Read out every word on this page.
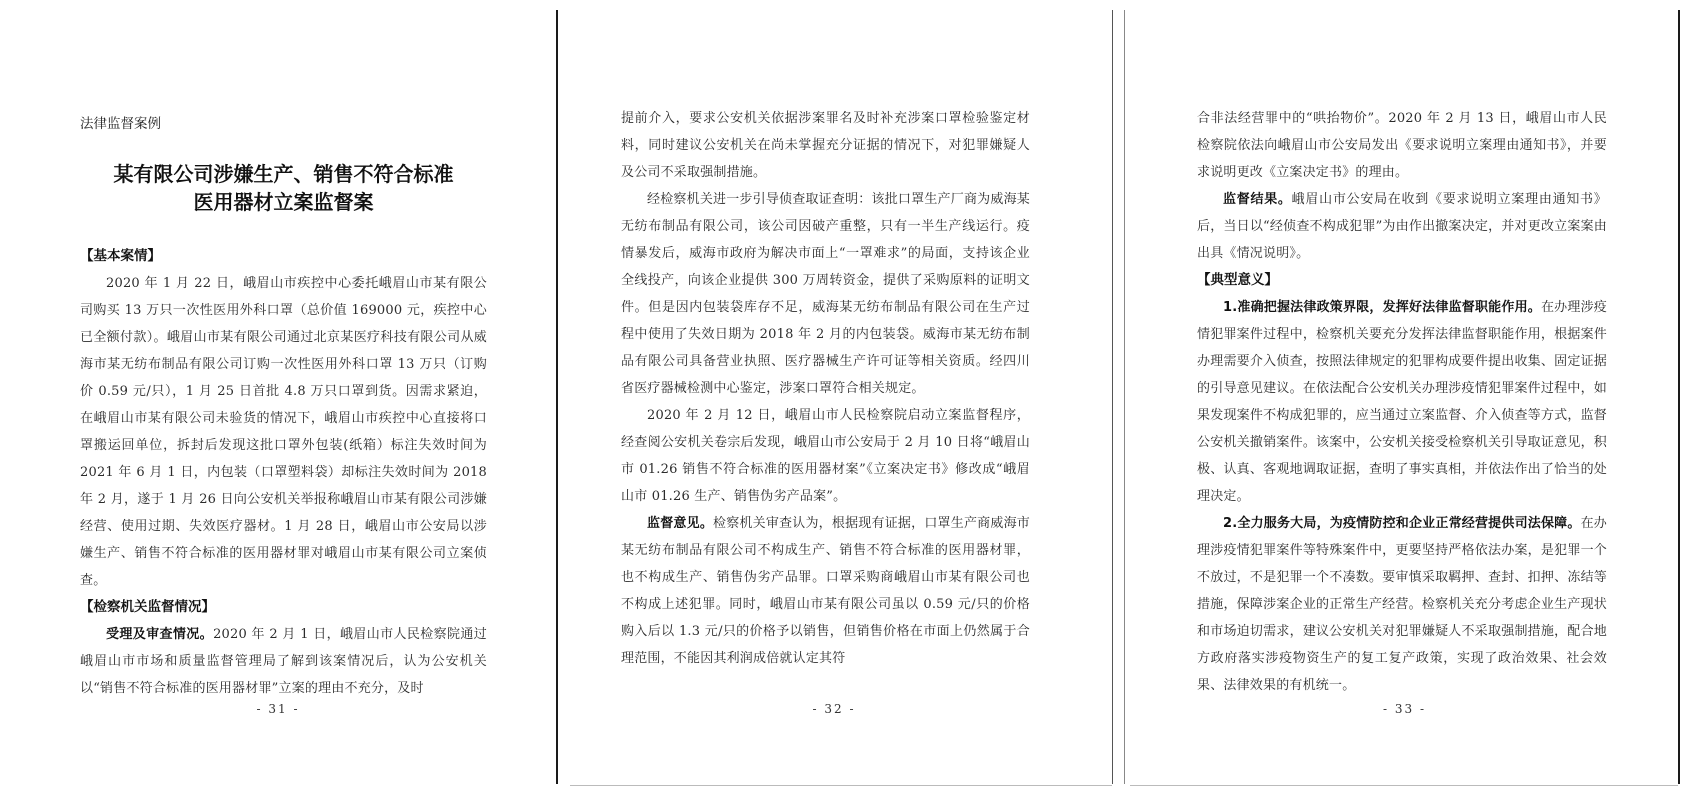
法律监督案例
某有限公司涉嫌生产、销售不符合标准
医用器材立案监督案
【基本案情】

2020 年 1 月 22 日，峨眉山市疾控中心委托峨眉山市某有限公司购买 13 万只一次性医用外科口罩（总价值 169000 元，疾控中心已全额付款）。峨眉山市某有限公司通过北京某医疗科技有限公司从威海市某无纺布制品有限公司订购一次性医用外科口罩 13 万只（订购价 0.59 元/只），1 月 25 日首批 4.8 万只口罩到货。因需求紧迫，在峨眉山市某有限公司未验货的情况下，峨眉山市疾控中心直接将口罩搬运回单位，拆封后发现这批口罩外包装(纸箱）标注失效时间为 2021 年 6 月 1 日，内包装（口罩塑料袋）却标注失效时间为 2018 年 2 月，遂于 1 月 26 日向公安机关举报称峨眉山市某有限公司涉嫌经营、使用过期、失效医疗器材。1 月 28 日，峨眉山市公安局以涉嫌生产、销售不符合标准的医用器材罪对峨眉山市某有限公司立案侦查。

【检察机关监督情况】

受理及审查情况。2020 年 2 月 1 日，峨眉山市人民检察院通过峨眉山市市场和质量监督管理局了解到该案情况后，认为公安机关以“销售不符合标准的医用器材罪”立案的理由不充分，及时

- 31 -

提前介入，要求公安机关依据涉案罪名及时补充涉案口罩检验鉴定材料，同时建议公安机关在尚未掌握充分证据的情况下，对犯罪嫌疑人及公司不采取强制措施。

经检察机关进一步引导侦查取证查明：该批口罩生产厂商为威海某无纺布制品有限公司，该公司因破产重整，只有一半生产线运行。疫情暴发后，威海市政府为解决市面上“一罩难求”的局面，支持该企业全线投产，向该企业提供 300 万周转资金，提供了采购原料的证明文件。但是因内包装袋库存不足，威海某无纺布制品有限公司在生产过程中使用了失效日期为 2018 年 2 月的内包装袋。威海市某无纺布制品有限公司具备营业执照、医疗器械生产许可证等相关资质。经四川省医疗器械检测中心鉴定，涉案口罩符合相关规定。

2020 年 2 月 12 日，峨眉山市人民检察院启动立案监督程序，经查阅公安机关卷宗后发现，峨眉山市公安局于 2 月 10 日将“峨眉山市 01.26 销售不符合标准的医用器材案”《立案决定书》修改成“峨眉山市 01.26 生产、销售伪劣产品案”。

监督意见。检察机关审查认为，根据现有证据，口罩生产商威海市某无纺布制品有限公司不构成生产、销售不符合标准的医用器材罪，也不构成生产、销售伪劣产品罪。口罩采购商峨眉山市某有限公司也不构成上述犯罪。同时，峨眉山市某有限公司虽以 0.59 元/只的价格购入后以 1.3 元/只的价格予以销售，但销售价格在市面上仍然属于合理范围，不能因其利润成倍就认定其符

- 32 -

合非法经营罪中的“哄抬物价”。2020 年 2 月 13 日，峨眉山市人民检察院依法向峨眉山市公安局发出《要求说明立案理由通知书》，并要求说明更改《立案决定书》的理由。

监督结果。峨眉山市公安局在收到《要求说明立案理由通知书》后，当日以“经侦查不构成犯罪”为由作出撤案决定，并对更改立案案由出具《情况说明》。

【典型意义】

1.准确把握法律政策界限，发挥好法律监督职能作用。在办理涉疫情犯罪案件过程中，检察机关要充分发挥法律监督职能作用，根据案件办理需要介入侦查，按照法律规定的犯罪构成要件提出收集、固定证据的引导意见建议。在依法配合公安机关办理涉疫情犯罪案件过程中，如果发现案件不构成犯罪的，应当通过立案监督、介入侦查等方式，监督公安机关撤销案件。该案中，公安机关接受检察机关引导取证意见，积极、认真、客观地调取证据，查明了事实真相，并依法作出了恰当的处理决定。

2.全力服务大局，为疫情防控和企业正常经营提供司法保障。在办理涉疫情犯罪案件等特殊案件中，更要坚持严格依法办案，是犯罪一个不放过，不是犯罪一个不凑数。要审慎采取羁押、查封、扣押、冻结等措施，保障涉案企业的正常生产经营。检察机关充分考虑企业生产现状和市场迫切需求，建议公安机关对犯罪嫌疑人不采取强制措施，配合地方政府落实涉疫物资生产的复工复产政策，实现了政治效果、社会效果、法律效果的有机统一。

- 33 -
